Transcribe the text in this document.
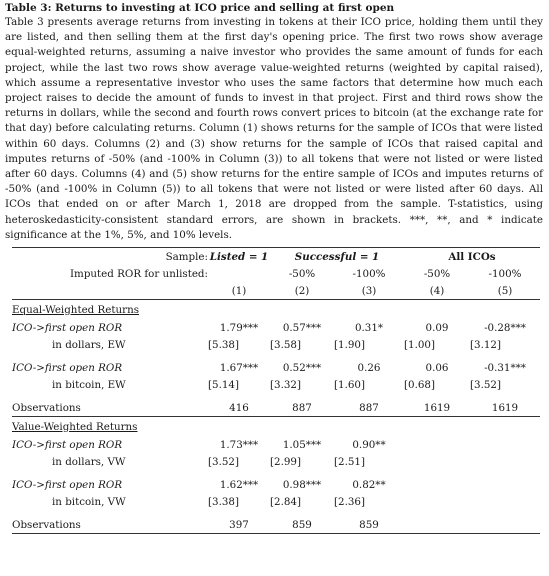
Table 3: Returns to investing at ICO price and selling at first open
Table 3 presents average returns from investing in tokens at their ICO price, holding them until they are listed, and then selling them at the first day's opening price. The first two rows show average equal-weighted returns, assuming a naive investor who provides the same amount of funds for each project, while the last two rows show average value-weighted returns (weighted by capital raised), which assume a representative investor who uses the same factors that determine how much each project raises to decide the amount of funds to invest in that project. First and third rows show the returns in dollars, while the second and fourth rows convert prices to bitcoin (at the exchange rate for that day) before calculating returns. Column (1) shows returns for the sample of ICOs that were listed within 60 days. Columns (2) and (3) show returns for the sample of ICOs that raised capital and imputes returns of -50% (and -100% in Column (3)) to all tokens that were not listed or were listed after 60 days. Columns (4) and (5) show returns for the entire sample of ICOs and imputes returns of -50% (and -100% in Column (5)) to all tokens that were not listed or were listed after 60 days. All ICOs that ended on or after March 1, 2018 are dropped from the sample. T-statistics, using heteroskedasticity-consistent standard errors, are shown in brackets. ***, **, and * indicate significance at the 1%, 5%, and 10% levels.
Sample:	Listed = 1	Successful = 1		All ICOs	
Imputed ROR for unlisted:		-50%	-100%	-50%	-100%
	(1)	(2)	(3)	(4)	(5)
Equal-Weighted Returns					
ICO->first open ROR	1.79***	0.57***	0.31*	0.09	-0.28***
in dollars, EW	[5.38]	[3.58]	[1.90]	[1.00]	[3.12]

ICO->first open ROR	1.67***	0.52***	0.26	0.06	-0.31***
in bitcoin, EW	[5.14]	[3.32]	[1.60]	[0.68]	[3.52]

Observations	416	887	887	1619	1619
Value-Weighted Returns					
ICO->first open ROR	1.73***	1.05***	0.90**		
in dollars, VW	[3.52]	[2.99]	[2.51]		

ICO->first open ROR	1.62***	0.98***	0.82**		
in bitcoin, VW	[3.38]	[2.84]	[2.36]		

Observations	397	859	859		
